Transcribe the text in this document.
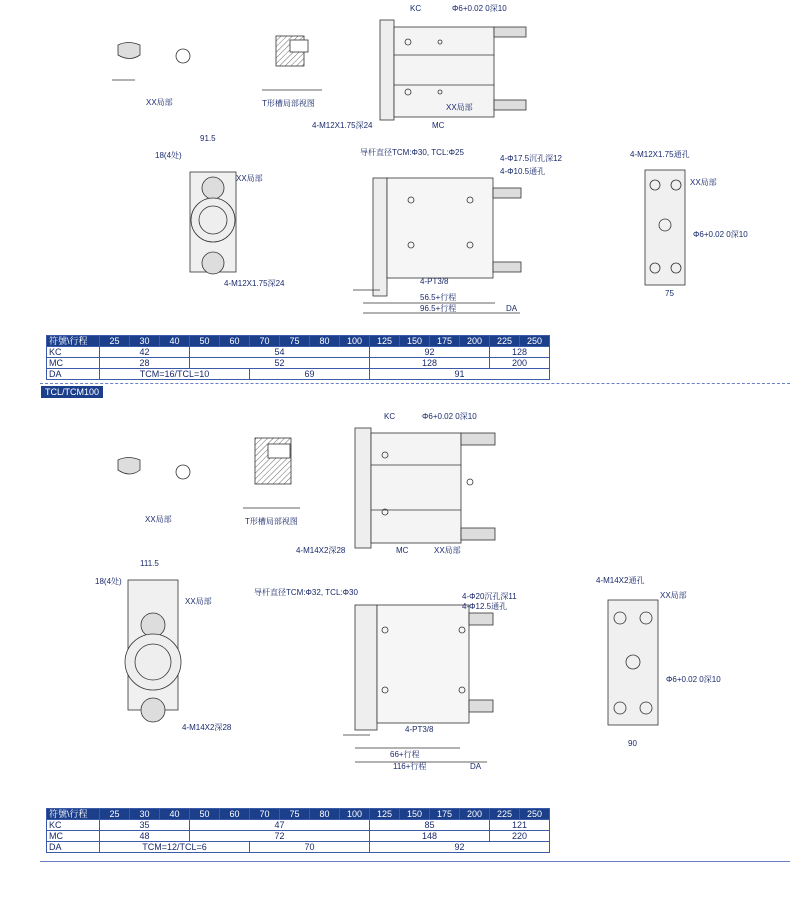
TCL/TCM100
XX局部	T形槽局部视图
KC	Φ6+0.02 0深10
MC
4-M12X1.75深24
XX局部
91.5
18(4处)
XX局部
4-M12X1.75深24
导杆直径TCM:Φ30, TCL:Φ25
4-Φ17.5沉孔深12
4-Φ10.5通孔
4-PT3/8
56.5+行程
96.5+行程	DA
4-M12X1.75通孔
XX局部
Φ6+0.02 0深10
75
符號\行程	25	30	40	50	60	70	75	80	100	125	150	175	200	225	250
KC	42			54						92				128	
MC	28			52						128				200	
DA	TCM=16/TCL=10					69				91					
XX局部	T形槽局部视图
KC	Φ6+0.02 0深10
4-M14X2深28	MC	XX局部
111.5
18(4处)
XX局部
4-M14X2深28
导杆直径TCM:Φ32, TCL:Φ30	4-Φ20沉孔深11
4-Φ12.5通孔
4-PT3/8
66+行程
116+行程	DA
4-M14X2通孔
XX局部
Φ6+0.02 0深10
90
符號\行程	25	30	40	50	60	70	75	80	100	125	150	175	200	225	250
KC	35			47						85				121	
MC	48			72						148				220	
DA	TCM=12/TCL=6					70				92					
